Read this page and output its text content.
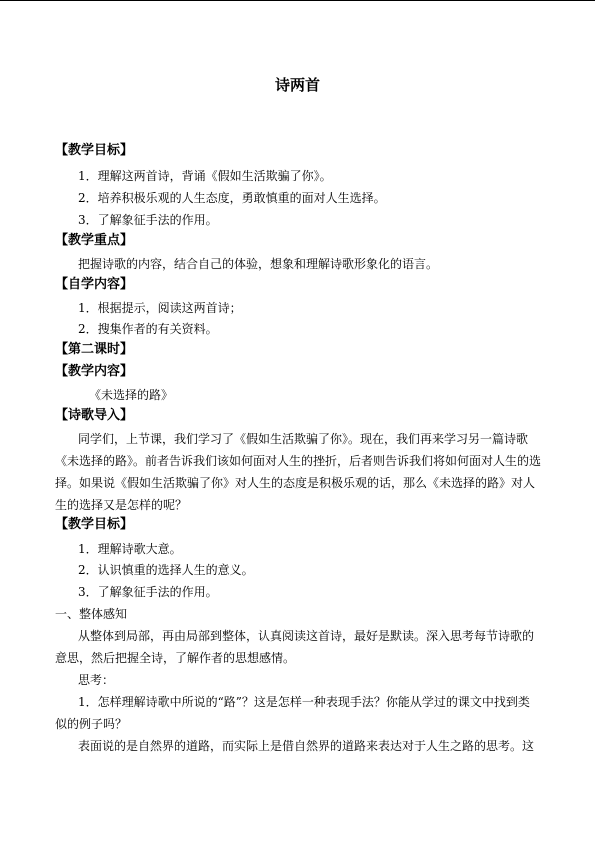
诗两首
【教学目标】
1．理解这两首诗，背诵《假如生活欺骗了你》。
2．培养积极乐观的人生态度，勇敢慎重的面对人生选择。
3．了解象征手法的作用。
【教学重点】
把握诗歌的内容，结合自己的体验，想象和理解诗歌形象化的语言。
【自学内容】
1．根据提示，阅读这两首诗；
2．搜集作者的有关资料。
【第二课时】
【教学内容】
《未选择的路》
【诗歌导入】
同学们，上节课，我们学习了《假如生活欺骗了你》。现在，我们再来学习另一篇诗歌
《未选择的路》。前者告诉我们该如何面对人生的挫折，后者则告诉我们将如何面对人生的选
择。如果说《假如生活欺骗了你》对人生的态度是积极乐观的话，那么《未选择的路》对人
生的选择又是怎样的呢？
【教学目标】
1．理解诗歌大意。
2．认识慎重的选择人生的意义。
3．了解象征手法的作用。
一、整体感知
从整体到局部，再由局部到整体，认真阅读这首诗，最好是默读。深入思考每节诗歌的
意思，然后把握全诗，了解作者的思想感情。
思考：
1．怎样理解诗歌中所说的“路”？这是怎样一种表现手法？你能从学过的课文中找到类
似的例子吗？
表面说的是自然界的道路，而实际上是借自然界的道路来表达对于人生之路的思考。这
